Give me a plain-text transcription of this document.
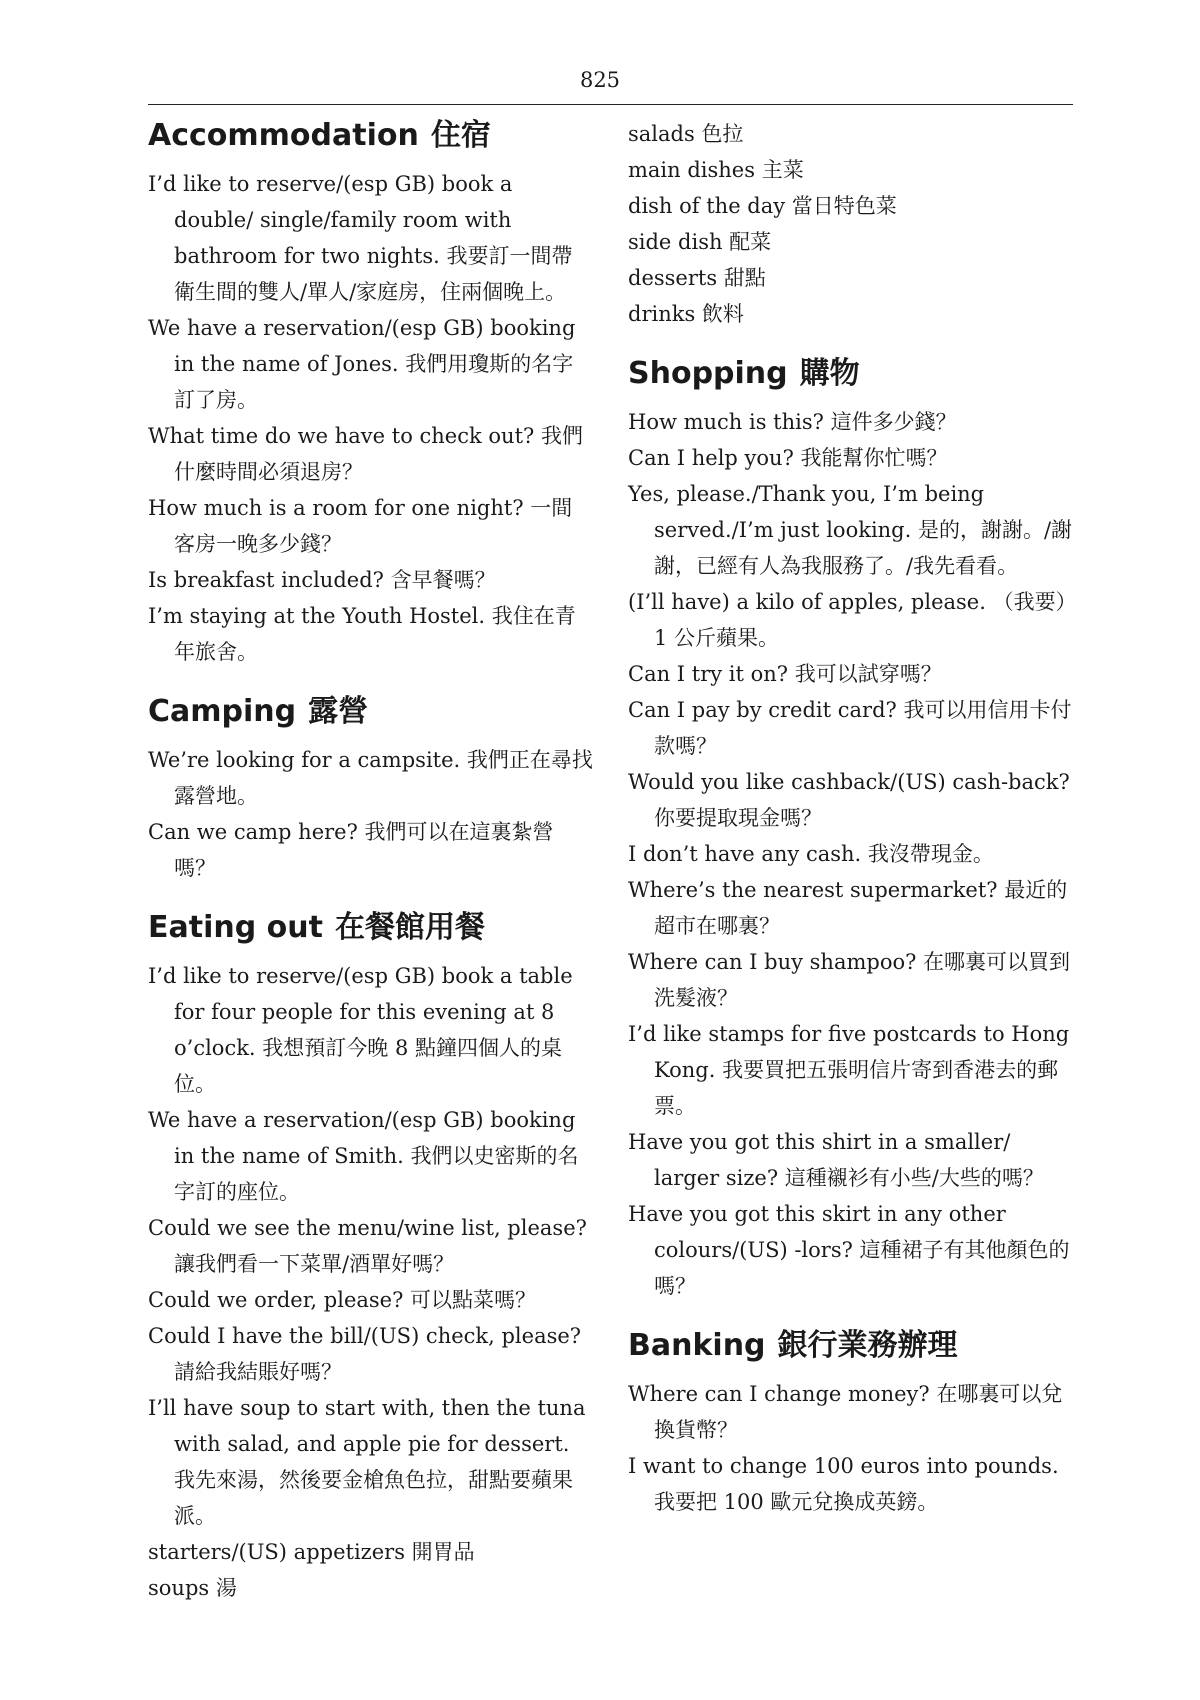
825
Accommodation 住宿

I’d like to reserve/(esp GB) book a double/ single/family room with bathroom for two nights. 我要訂一間帶衛生間的雙人/單人/家庭房，住兩個晚上。

We have a reservation/(esp GB) booking in the name of Jones. 我們用瓊斯的名字訂了房。

What time do we have to check out? 我們什麼時間必須退房？

How much is a room for one night? 一間客房一晚多少錢？

Is breakfast included? 含早餐嗎？

I’m staying at the Youth Hostel. 我住在青年旅舍。

Camping 露營

We’re looking for a campsite. 我們正在尋找露營地。

Can we camp here? 我們可以在這裏紮營嗎？

Eating out 在餐館用餐

I’d like to reserve/(esp GB) book a table for four people for this evening at 8 o’clock. 我想預訂今晚 8 點鐘四個人的桌位。

We have a reservation/(esp GB) booking in the name of Smith. 我們以史密斯的名字訂的座位。

Could we see the menu/wine list, please? 讓我們看一下菜單/酒單好嗎？

Could we order, please? 可以點菜嗎？

Could I have the bill/(US) check, please? 請給我結賬好嗎？

I’ll have soup to start with, then the tuna with salad, and apple pie for dessert. 我先來湯，然後要金槍魚色拉，甜點要蘋果派。

starters/(US) appetizers 開胃品

soups 湯

salads 色拉

main dishes 主菜

dish of the day 當日特色菜

side dish 配菜

desserts 甜點

drinks 飲料

Shopping 購物

How much is this? 這件多少錢？

Can I help you? 我能幫你忙嗎？

Yes, please./Thank you, I’m being served./I’m just looking. 是的，謝謝。/謝謝，已經有人為我服務了。/我先看看。

(I’ll have) a kilo of apples, please. （我要）1 公斤蘋果。

Can I try it on? 我可以試穿嗎？

Can I pay by credit card? 我可以用信用卡付款嗎？

Would you like cashback/(US) cash-back? 你要提取現金嗎？

I don’t have any cash. 我沒帶現金。

Where’s the nearest supermarket? 最近的超市在哪裏？

Where can I buy shampoo? 在哪裏可以買到洗髮液？

I’d like stamps for five postcards to Hong Kong. 我要買把五張明信片寄到香港去的郵票。

Have you got this shirt in a smaller/ larger size? 這種襯衫有小些/大些的嗎？

Have you got this skirt in any other colours/(US) -lors? 這種裙子有其他顏色的嗎？

Banking 銀行業務辦理

Where can I change money? 在哪裏可以兌換貨幣？

I want to change 100 euros into pounds. 我要把 100 歐元兌換成英鎊。
